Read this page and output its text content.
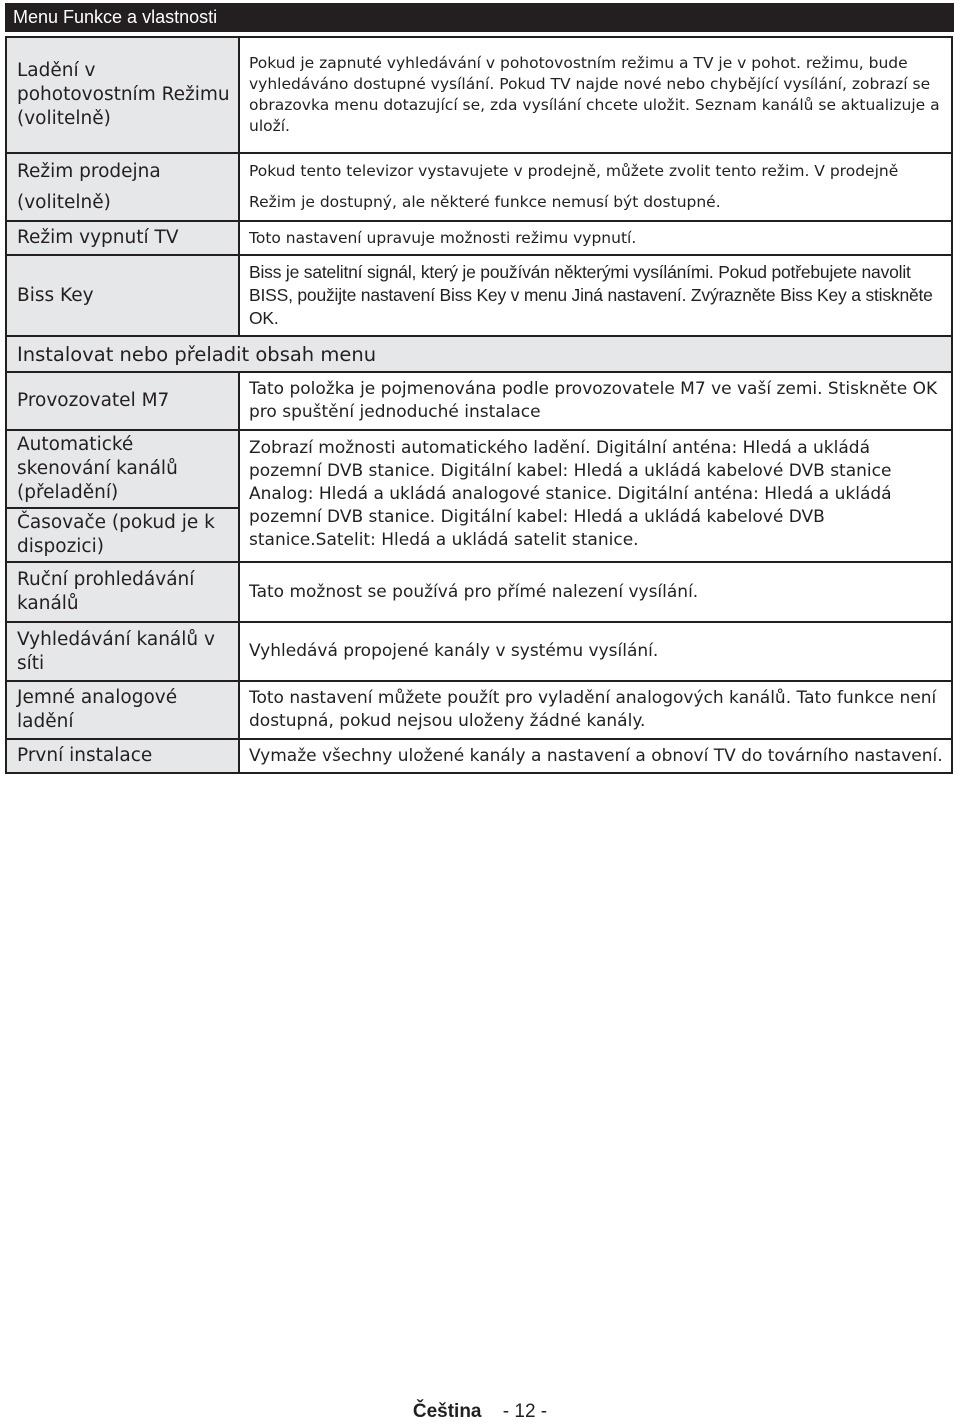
Menu Funkce a vlastnosti
Ladění v pohotovostním Režimu (volitelně)	Pokud je zapnuté vyhledávání v pohotovostním režimu a TV je v pohot. režimu, bude vyhledáváno dostupné vysílání. Pokud TV najde nové nebo chybějící vysílání, zobrazí se obrazovka menu dotazující se, zda vysílání chcete uložit. Seznam kanálů se aktualizuje a uloží.
Režim prodejna (volitelně)	Pokud tento televizor vystavujete v prodejně, můžete zvolit tento režim. V prodejně Režim je dostupný, ale některé funkce nemusí být dostupné.
Režim vypnutí TV	Toto nastavení upravuje možnosti režimu vypnutí.
Biss Key	Biss je satelitní signál, který je používán některými vysíláními. Pokud potřebujete navolit BISS, použijte nastavení Biss Key v menu Jiná nastavení. Zvýrazněte Biss Key a stiskněte OK.
Instalovat nebo přeladit obsah menu	
Provozovatel M7	Tato položka je pojmenována podle provozovatele M7 ve vaší zemi. Stiskněte OK pro spuštění jednoduché instalace
Automatické skenování kanálů (přeladění)	Zobrazí možnosti automatického ladění. Digitální anténa: Hledá a ukládá pozemní DVB stanice. Digitální kabel: Hledá a ukládá kabelové DVB stanice Analog: Hledá a ukládá analogové stanice. Digitální anténa: Hledá a ukládá pozemní DVB stanice. Digitální kabel: Hledá a ukládá kabelové DVB stanice.Satelit: Hledá a ukládá satelit stanice.
Časovače (pokud je k dispozici)	
Ruční prohledávání kanálů	Tato možnost se používá pro přímé nalezení vysílání.
Vyhledávání kanálů v síti	Vyhledává propojené kanály v systému vysílání.
Jemné analogové ladění	Toto nastavení můžete použít pro vyladění analogových kanálů. Tato funkce není dostupná, pokud nejsou uloženy žádné kanály.
První instalace	Vymaže všechny uložené kanály a nastavení a obnoví TV do továrního nastavení.
Čeština - 12 -
